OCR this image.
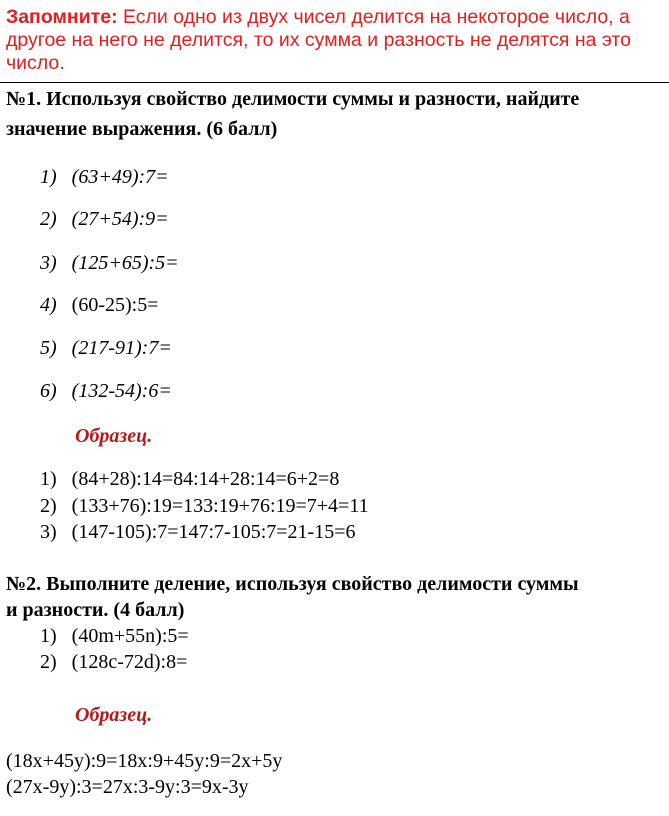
Запомните: Если одно из двух чисел делится на некоторое число, а другое на него не делится, то их сумма и разность не делятся на это число.
№1. Используя свойство делимости суммы и разности, найдите
значение выражения. (6 балл)
1) (63+49):7=
2) (27+54):9=
3) (125+65):5=
4) (60-25):5=
5) (217-91):7=
6) (132-54):6=
Образец.
1) (84+28):14=84:14+28:14=6+2=8
2) (133+76):19=133:19+76:19=7+4=11
3) (147-105):7=147:7-105:7=21-15=6
№2. Выполните деление, используя свойство делимости суммы
и разности. (4 балл)
1) (40m+55n):5=
2) (128c-72d):8=
Образец.
(18x+45y):9=18x:9+45y:9=2x+5y
(27x-9y):3=27x:3-9y:3=9x-3y
